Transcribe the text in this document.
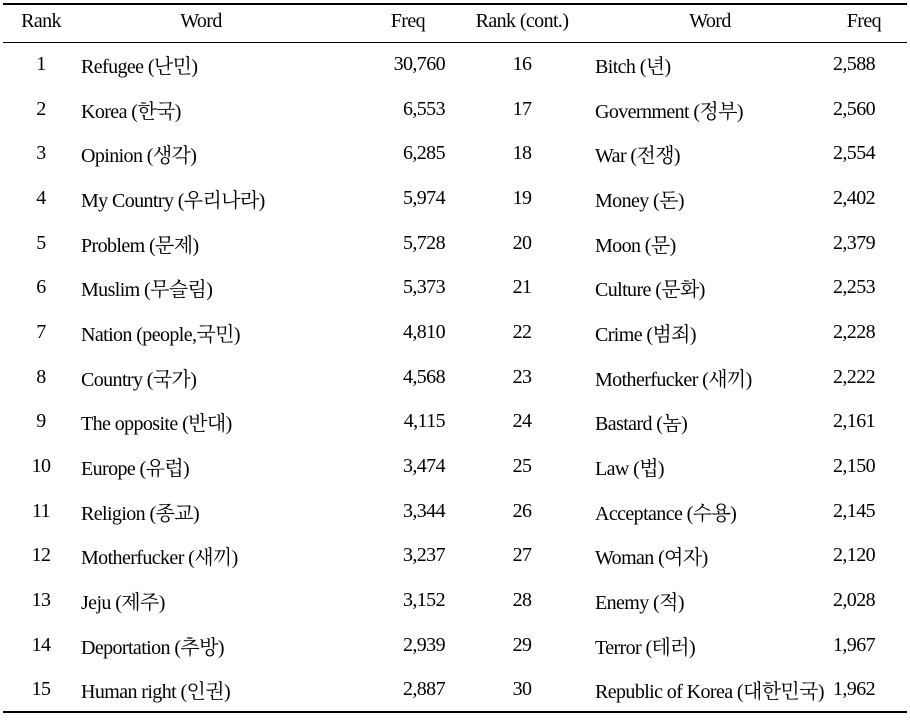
Rank	Word	Freq	Rank (cont.)	Word	Freq
1	Refugee (난민)	30,760	16	Bitch (년)	2,588
2	Korea (한국)	6,553	17	Government (정부)	2,560
3	Opinion (생각)	6,285	18	War (전쟁)	2,554
4	My Country (우리나라)	5,974	19	Money (돈)	2,402
5	Problem (문제)	5,728	20	Moon (문)	2,379
6	Muslim (무슬림)	5,373	21	Culture (문화)	2,253
7	Nation (people,국민)	4,810	22	Crime (범죄)	2,228
8	Country (국가)	4,568	23	Motherfucker (새끼)	2,222
9	The opposite (반대)	4,115	24	Bastard (놈)	2,161
10	Europe (유럽)	3,474	25	Law (법)	2,150
11	Religion (종교)	3,344	26	Acceptance (수용)	2,145
12	Motherfucker (새끼)	3,237	27	Woman (여자)	2,120
13	Jeju (제주)	3,152	28	Enemy (적)	2,028
14	Deportation (추방)	2,939	29	Terror (테러)	1,967
15	Human right (인권)	2,887	30	Republic of Korea (대한민국)	1,962
